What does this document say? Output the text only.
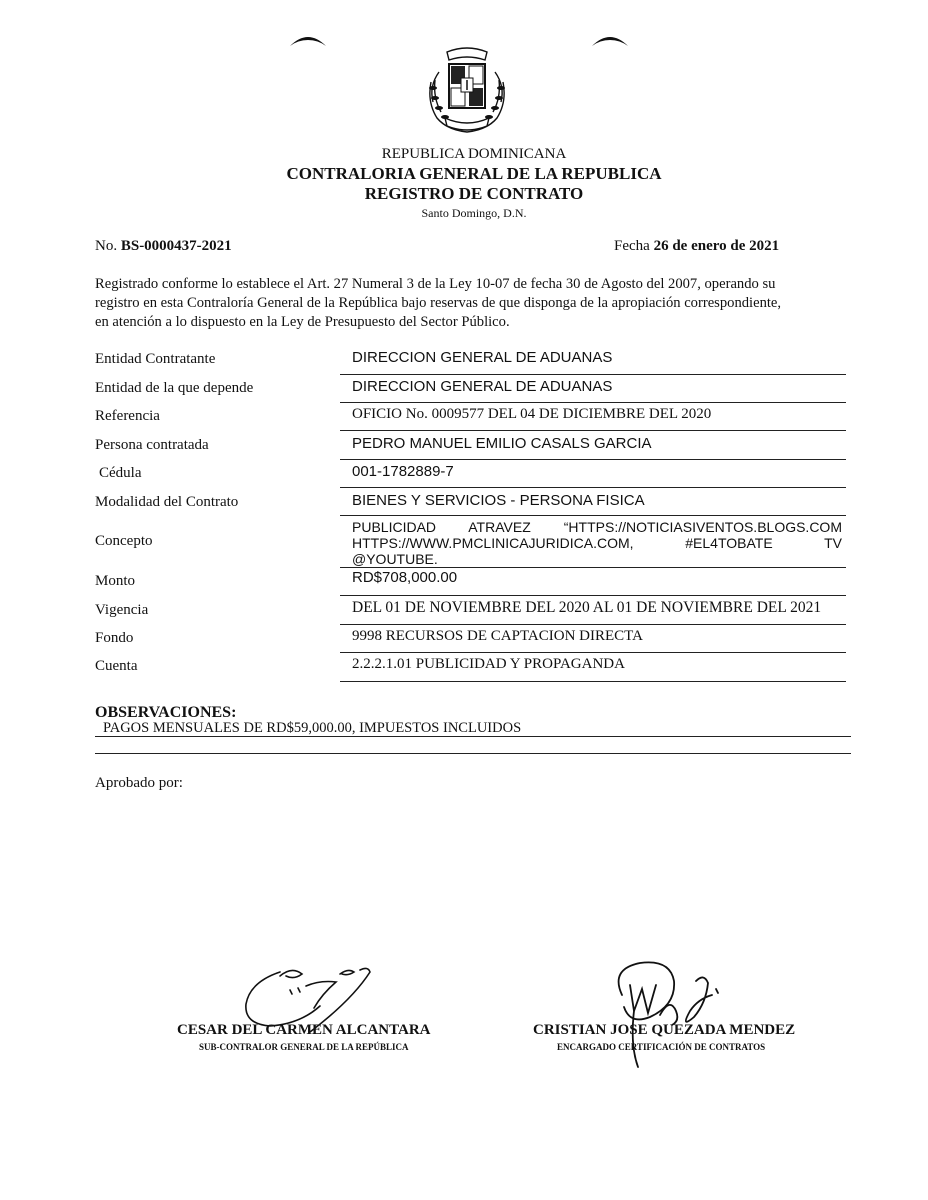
REPUBLICA DOMINICANA
CONTRALORIA GENERAL DE LA REPUBLICA
REGISTRO DE CONTRATO
Santo Domingo, D.N.
No. BS-0000437-2021	Fecha 26 de enero de 2021
Registrado conforme lo establece el Art. 27 Numeral 3 de la Ley 10-07 de fecha 30 de Agosto del 2007, operando su
registro en esta Contraloría General de la República bajo reservas de que disponga de la apropiación correspondiente,
en atención a lo dispuesto en la Ley de Presupuesto del Sector Público.
Entidad Contratante	DIRECCION GENERAL DE ADUANAS
Entidad de la que depende	DIRECCION GENERAL DE ADUANAS
Referencia	OFICIO No. 0009577 DEL 04 DE DICIEMBRE DEL 2020
Persona contratada	PEDRO MANUEL EMILIO CASALS GARCIA
Cédula	001-1782889-7
Modalidad del Contrato	BIENES Y SERVICIOS - PERSONA FISICA
Concepto
PUBLICIDAD ATRAVEZ “HTTPS://NOTICIASIVENTOS.BLOGS.COM
HTTPS://WWW.PMCLINICAJURIDICA.COM, #EL4TOBATE TV
@YOUTUBE.
Monto	RD$708,000.00
Vigencia	DEL 01 DE NOVIEMBRE DEL 2020 AL 01 DE NOVIEMBRE DEL 2021
Fondo	9998 RECURSOS DE CAPTACION DIRECTA
Cuenta	2.2.2.1.01 PUBLICIDAD Y PROPAGANDA
OBSERVACIONES:
PAGOS MENSUALES DE RD$59,000.00, IMPUESTOS INCLUIDOS
Aprobado por:
CESAR DEL CARMEN ALCANTARA
SUB-CONTRALOR GENERAL DE LA REPÚBLICA
CRISTIAN JOSE QUEZADA MENDEZ
ENCARGADO CERTIFICACIÓN DE CONTRATOS
